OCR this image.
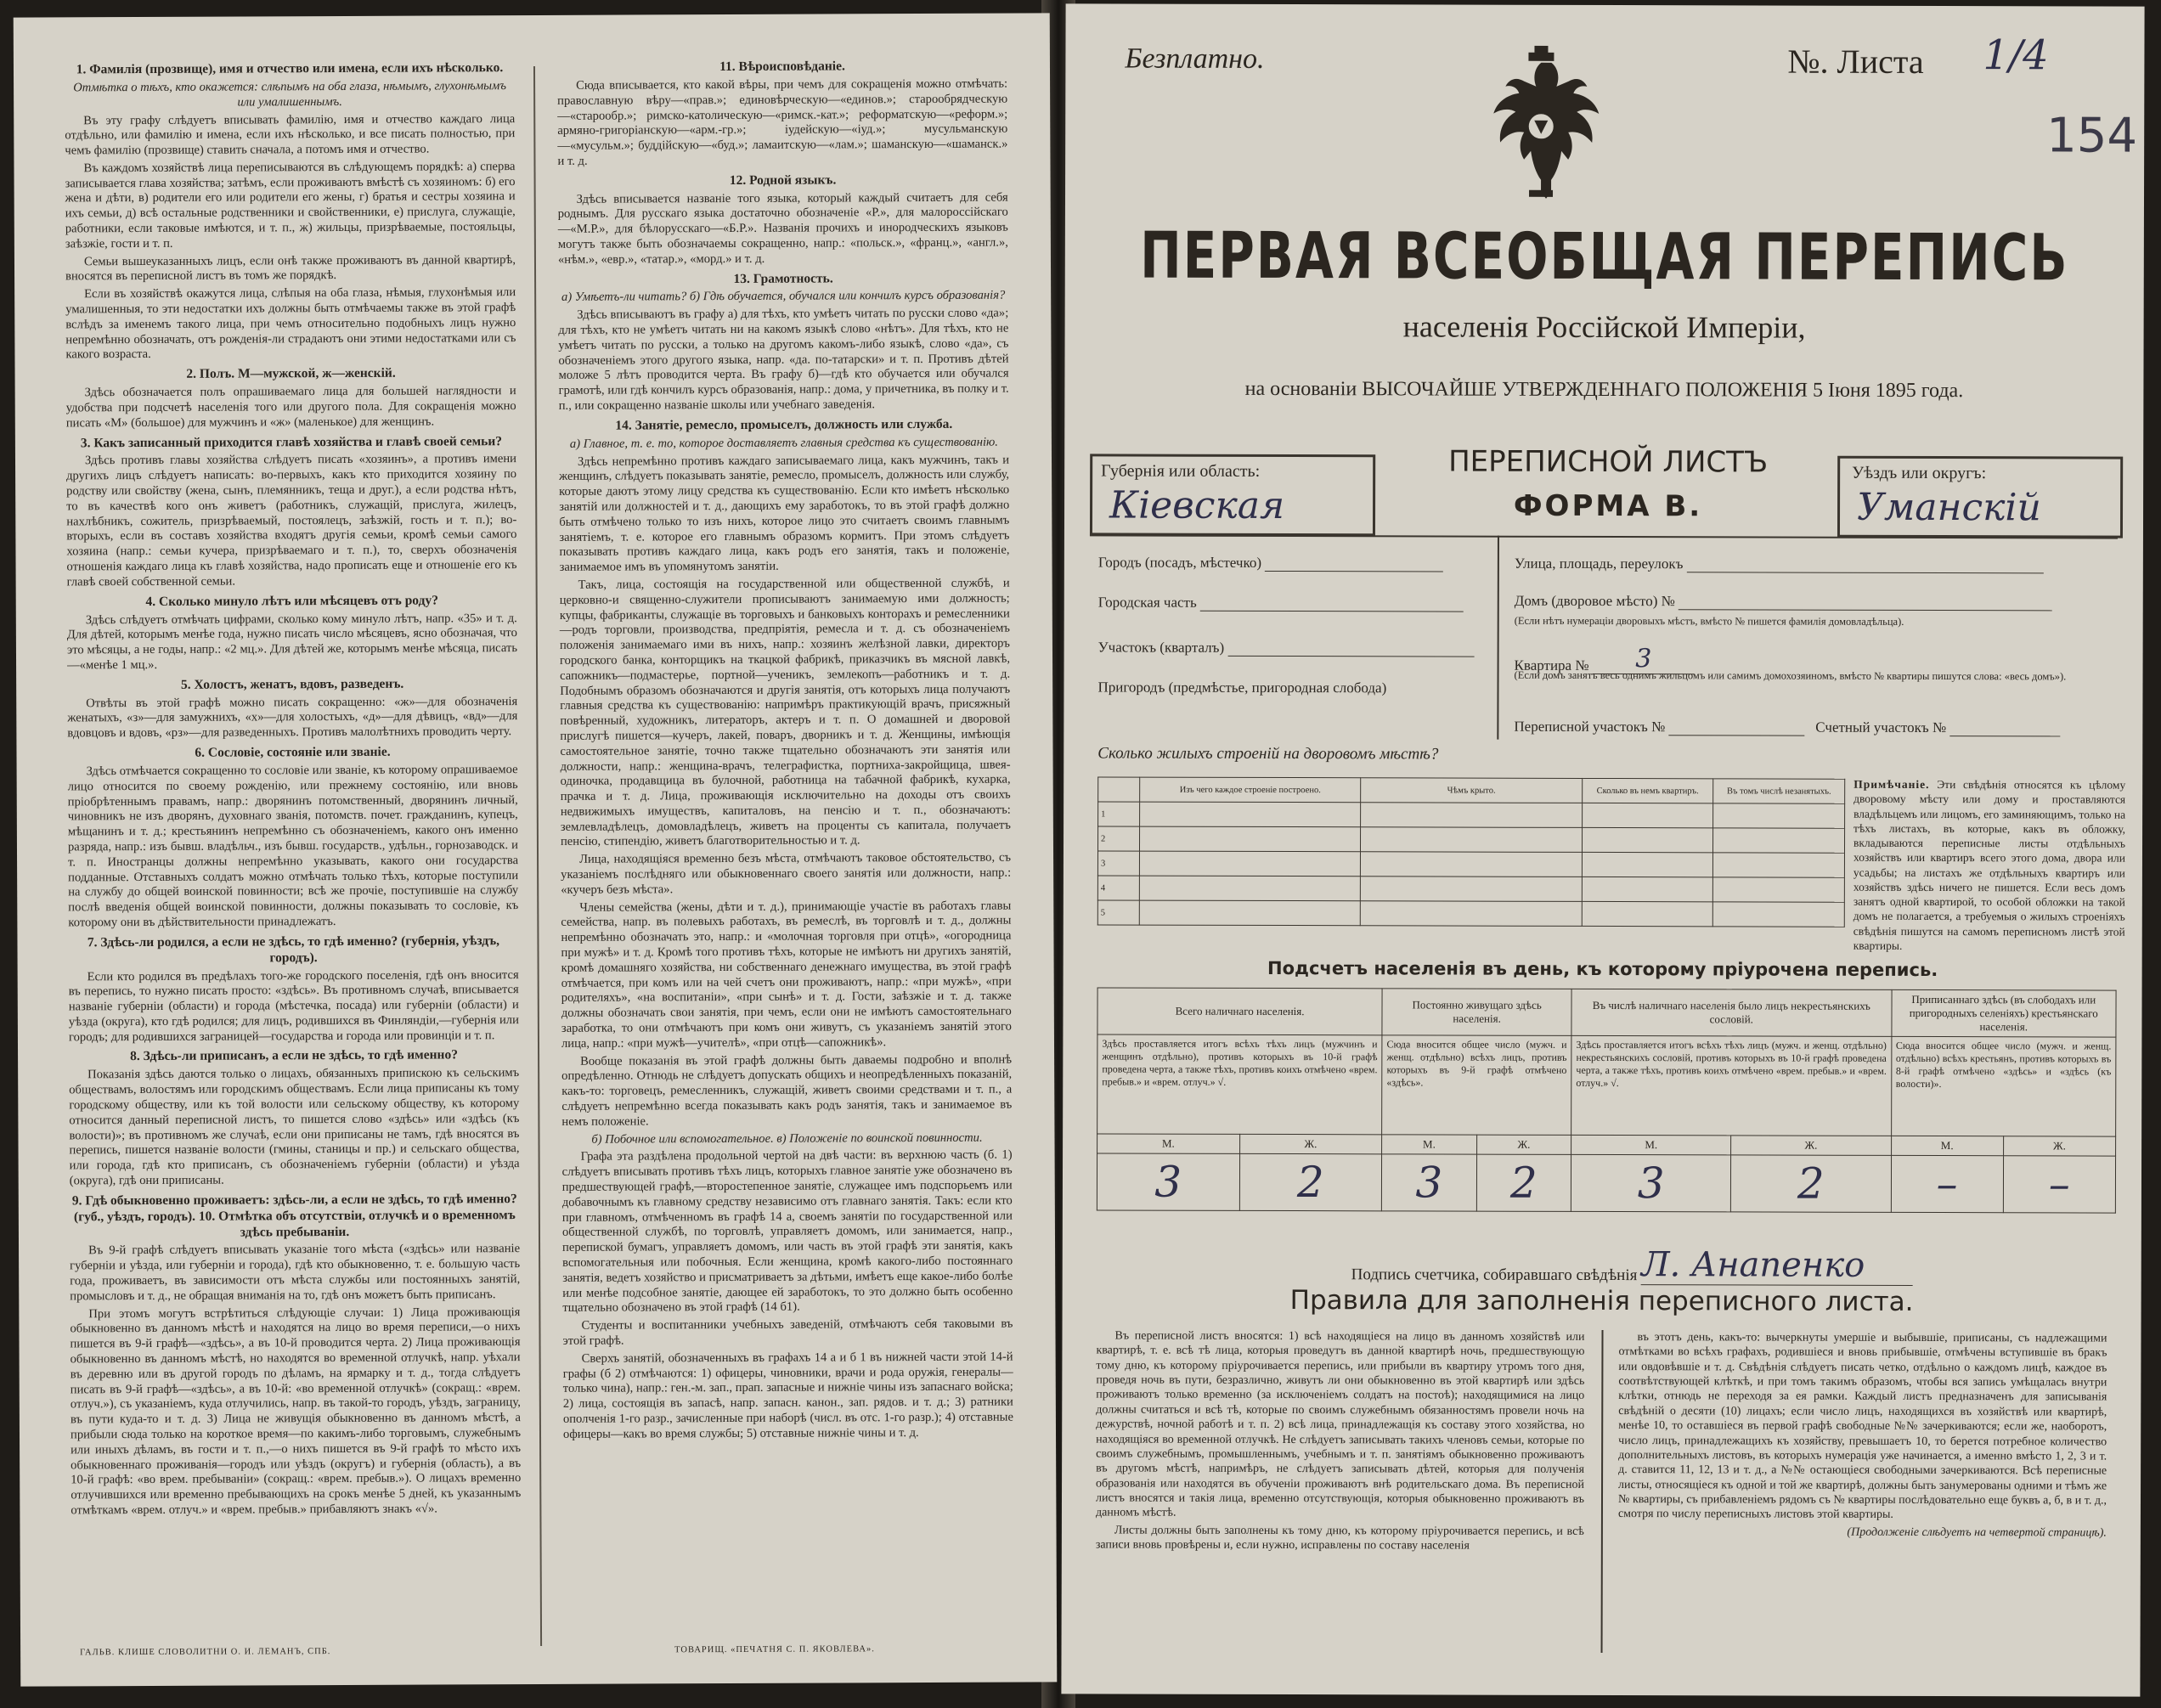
1. Фамилія (прозвище), имя и отчество или имена, если ихъ нѣсколько.

Отмѣтка о тѣхъ, кто окажется: слѣпымъ на оба глаза, нѣмымъ, глухонѣмымъ или умалишеннымъ.

Въ эту графу слѣдуетъ вписывать фамилію, имя и отчество каждаго лица отдѣльно, или фамилію и имена, если ихъ нѣсколько, и все писать полностью, при чемъ фамилію (прозвище) ставить сначала, а потомъ имя и отчество.

Въ каждомъ хозяйствѣ лица переписываются въ слѣдующемъ порядкѣ: а) сперва записывается глава хозяйства; затѣмъ, если проживаютъ вмѣстѣ съ хозяиномъ: б) его жена и дѣти, в) родители его или родители его жены, г) братья и сестры хозяина и ихъ семьи, д) всѣ остальные родственники и свойственники, е) прислуга, служащіе, работники, если таковые имѣются, и т. п., ж) жильцы, призрѣваемые, постояльцы, заѣзжіе, гости и т. п.

Семьи вышеуказанныхъ лицъ, если онѣ также проживаютъ въ данной квартирѣ, вносятся въ переписной листъ въ томъ же порядкѣ.

Если въ хозяйствѣ окажутся лица, слѣпыя на оба глаза, нѣмыя, глухонѣмыя или умалишенныя, то эти недостатки ихъ должны быть отмѣчаемы также въ этой графѣ вслѣдъ за именемъ такого лица, при чемъ относительно подобныхъ лицъ нужно непремѣнно обозначать, отъ рожденія-ли страдаютъ они этими недостатками или съ какого возраста.

2. Полъ. М—мужской, ж—женскій.

Здѣсь обозначается полъ опрашиваемаго лица для большей наглядности и удобства при подсчетѣ населенія того или другого пола. Для сокращенія можно писать «М» (большое) для мужчинъ и «ж» (маленькое) для женщинъ.

3. Какъ записанный приходится главѣ хозяйства и главѣ своей семьи?

Здѣсь противъ главы хозяйства слѣдуетъ писать «хозяинъ», а противъ имени другихъ лицъ слѣдуетъ написать: во-первыхъ, какъ кто приходится хозяину по родству или свойству (жена, сынъ, племянникъ, теща и друг.), а если родства нѣтъ, то въ качествѣ кого онъ живетъ (работникъ, служащій, прислуга, жилецъ, нахлѣбникъ, сожитель, призрѣваемый, постоялецъ, заѣзжій, гость и т. п.); во-вторыхъ, если въ составъ хозяйства входятъ другія семьи, кромѣ семьи самого хозяина (напр.: семьи кучера, призрѣваемаго и т. п.), то, сверхъ обозначенія отношенія каждаго лица къ главѣ хозяйства, надо прописать еще и отношеніе его къ главѣ своей собственной семьи.

4. Сколько минуло лѣтъ или мѣсяцевъ отъ роду?

Здѣсь слѣдуетъ отмѣчать цифрами, сколько кому минуло лѣтъ, напр. «35» и т. д. Для дѣтей, которымъ менѣе года, нужно писать число мѣсяцевъ, ясно обозначая, что это мѣсяцы, а не годы, напр.: «2 мц.». Для дѣтей же, которымъ менѣе мѣсяца, писать—«менѣе 1 мц.».

5. Холостъ, женатъ, вдовъ, разведенъ.

Отвѣты въ этой графѣ можно писать сокращенно: «ж»—для обозначенія женатыхъ, «з»—для замужнихъ, «х»—для холостыхъ, «д»—для дѣвицъ, «вд»—для вдовцовъ и вдовъ, «рз»—для разведенныхъ. Противъ малолѣтнихъ проводить черту.

6. Сословіе, состояніе или званіе.

Здѣсь отмѣчается сокращенно то сословіе или званіе, къ которому опрашиваемое лицо относится по своему рожденію, или прежнему состоянію, или вновь пріобрѣтеннымъ правамъ, напр.: дворянинъ потомственный, дворянинъ личный, чиновникъ не изъ дворянъ, духовнаго званія, потомств. почет. гражданинъ, купецъ, мѣщанинъ и т. д.; крестьянинъ непремѣнно съ обозначеніемъ, какого онъ именно разряда, напр.: изъ бывш. владѣльч., изъ бывш. государств., удѣльн., горнозаводск. и т. п. Иностранцы должны непремѣнно указывать, какого они государства подданные. Отставныхъ солдатъ можно отмѣчать только тѣхъ, которые поступили на службу до общей воинской повинности; всѣ же прочіе, поступившіе на службу послѣ введенія общей воинской повинности, должны показывать то сословіе, къ которому они въ дѣйствительности принадлежатъ.

7. Здѣсь-ли родился, а если не здѣсь, то гдѣ именно? (губернія, уѣздъ, городъ).

Если кто родился въ предѣлахъ того-же городского поселенія, гдѣ онъ вносится въ перепись, то нужно писать просто: «здѣсь». Въ противномъ случаѣ, вписывается названіе губерніи (области) и города (мѣстечка, посада) или губерніи (области) и уѣзда (округа), кто гдѣ родился; для лицъ, родившихся въ Финляндіи,—губернія или городъ; для родившихся заграницей—государства и города или провинціи и т. п.

8. Здѣсь-ли приписанъ, а если не здѣсь, то гдѣ именно?

Показанія здѣсь даются только о лицахъ, обязанныхъ припискою къ сельскимъ обществамъ, волостямъ или городскимъ обществамъ. Если лица приписаны къ тому городскому обществу, или къ той волости или сельскому обществу, къ которому относится данный переписной листъ, то пишется слово «здѣсь» или «здѣсь (къ волости)»; въ противномъ же случаѣ, если они приписаны не тамъ, гдѣ вносятся въ перепись, пишется названіе волости (гмины, станицы и пр.) и сельскаго общества, или города, гдѣ кто приписанъ, съ обозначеніемъ губерніи (области) и уѣзда (округа), гдѣ они приписаны.

9. Гдѣ обыкновенно проживаетъ: здѣсь-ли, а если не здѣсь, то гдѣ именно? (губ., уѣздъ, городъ). 10. Отмѣтка объ отсутствіи, отлучкѣ и о временномъ здѣсь пребываніи.

Въ 9-й графѣ слѣдуетъ вписывать указаніе того мѣста («здѣсь» или названіе губерніи и уѣзда, или губерніи и города), гдѣ кто обыкновенно, т. е. большую часть года, проживаетъ, въ зависимости отъ мѣста службы или постоянныхъ занятій, промысловъ и т. д., не обращая вниманія на то, гдѣ онъ можетъ быть приписанъ.

При этомъ могутъ встрѣтиться слѣдующіе случаи: 1) Лица проживающія обыкновенно въ данномъ мѣстѣ и находятся на лицо во время переписи,—о нихъ пишется въ 9-й графѣ—«здѣсь», а въ 10-й проводится черта. 2) Лица проживающія обыкновенно въ данномъ мѣстѣ, но находятся во временной отлучкѣ, напр. уѣхали въ деревню или въ другой городъ по дѣламъ, на ярмарку и т. д., тогда слѣдуетъ писать въ 9-й графѣ—«здѣсь», а въ 10-й: «во временной отлучкѣ» (сокращ.: «врем. отлуч.»), съ указаніемъ, куда отлучились, напр. въ такой-то городъ, уѣздъ, заграницу, въ пути куда-то и т. д. 3) Лица не живущія обыкновенно въ данномъ мѣстѣ, а прибыли сюда только на короткое время—по какимъ-либо торговымъ, служебнымъ или иныхъ дѣламъ, въ гости и т. п.,—о нихъ пишется въ 9-й графѣ то мѣсто ихъ обыкновеннаго проживанія—городъ или уѣздъ (округъ) и губернія (область), а въ 10-й графѣ: «во врем. пребываніи» (сокращ.: «врем. пребыв.»). О лицахъ временно отлучившихся или временно пребывающихъ на срокъ менѣе 5 дней, къ указаннымъ отмѣткамъ «врем. отлуч.» и «врем. пребыв.» прибавляютъ знакъ «√».

11. Вѣроисповѣданіе.

Сюда вписывается, кто какой вѣры, при чемъ для сокращенія можно отмѣчать: православную вѣру—«прав.»; единовѣрческую—«единов.»; старообрядческую—«старообр.»; римско-католическую—«римск.-кат.»; реформатскую—«реформ.»; армяно-григоріанскую—«арм.-гр.»; іудейскую—«іуд.»; мусульманскую—«мусульм.»; буддійскую—«буд.»; ламаитскую—«лам.»; шаманскую—«шаманск.» и т. д.

12. Родной языкъ.

Здѣсь вписывается названіе того языка, который каждый считаетъ для себя роднымъ. Для русскаго языка достаточно обозначеніе «Р.», для малороссійскаго—«М.Р.», для бѣлорусскаго—«Б.Р.». Названія прочихъ и инородческихъ языковъ могутъ также быть обозначаемы сокращенно, напр.: «польск.», «франц.», «англ.», «нѣм.», «евр.», «татар.», «морд.» и т. д.

13. Грамотность.

а) Умѣетъ-ли читать? б) Гдѣ обучается, обучался или кончилъ курсъ образованія?

Здѣсь вписываютъ въ графу а) для тѣхъ, кто умѣетъ читать по русски слово «да»; для тѣхъ, кто не умѣетъ читать ни на какомъ языкѣ слово «нѣтъ». Для тѣхъ, кто не умѣетъ читать по русски, а только на другомъ какомъ-либо языкѣ, слово «да», съ обозначеніемъ этого другого языка, напр. «да. по-татарски» и т. п. Противъ дѣтей моложе 5 лѣтъ проводится черта. Въ графу б)—гдѣ кто обучается или обучался грамотѣ, или гдѣ кончилъ курсъ образованія, напр.: дома, у причетника, въ полку и т. п., или сокращенно названіе школы или учебнаго заведенія.

14. Занятіе, ремесло, промыселъ, должность или служба.

а) Главное, т. е. то, которое доставляетъ главныя средства къ существованію.

Здѣсь непремѣнно противъ каждаго записываемаго лица, какъ мужчинъ, такъ и женщинъ, слѣдуетъ показывать занятіе, ремесло, промыселъ, должность или службу, которые даютъ этому лицу средства къ существованію. Если кто имѣетъ нѣсколько занятій или должностей и т. д., дающихъ ему заработокъ, то въ этой графѣ должно быть отмѣчено только то изъ нихъ, которое лицо это считаетъ своимъ главнымъ занятіемъ, т. е. которое его главнымъ образомъ кормитъ. При этомъ слѣдуетъ показывать противъ каждаго лица, какъ родъ его занятія, такъ и положеніе, занимаемое имъ въ упомянутомъ занятіи.

Такъ, лица, состоящія на государственной или общественной службѣ, и церковно-и священно-служители прописываютъ занимаемую ими должность; купцы, фабриканты, служащіе въ торговыхъ и банковыхъ конторахъ и ремесленники—родъ торговли, производства, предпріятія, ремесла и т. д. съ обозначеніемъ положенія занимаемаго ими въ нихъ, напр.: хозяинъ желѣзной лавки, директоръ городского банка, конторщикъ на ткацкой фабрикѣ, приказчикъ въ мясной лавкѣ, сапожникъ—подмастерье, портной—ученикъ, землекопъ—работникъ и т. д. Подобнымъ образомъ обозначаются и другія занятія, отъ которыхъ лица получаютъ главныя средства къ существованію: напримѣръ практикующій врачъ, присяжный повѣренный, художникъ, литераторъ, актеръ и т. п. О домашней и дворовой прислугѣ пишется—кучеръ, лакей, поваръ, дворникъ и т. д. Женщины, имѣющія самостоятельное занятіе, точно также тщательно обозначаютъ эти занятія или должности, напр.: женщина-врачъ, телеграфистка, портниха-закройщица, швея-одиночка, продавщица въ булочной, работница на табачной фабрикѣ, кухарка, прачка и т. д. Лица, проживающія исключительно на доходы отъ своихъ недвижимыхъ имуществъ, капиталовъ, на пенсію и т. п., обозначаютъ: землевладѣлецъ, домовладѣлецъ, живетъ на проценты съ капитала, получаетъ пенсію, стипендію, живетъ благотворительностью и т. д.

Лица, находящіяся временно безъ мѣста, отмѣчаютъ таковое обстоятельство, съ указаніемъ послѣдняго или обыкновеннаго своего занятія или должности, напр.: «кучеръ безъ мѣста».

Члены семейства (жены, дѣти и т. д.), принимающіе участіе въ работахъ главы семейства, напр. въ полевыхъ работахъ, въ ремеслѣ, въ торговлѣ и т. д., должны непремѣнно обозначать это, напр.: и «молочная торговля при отцѣ», «огородница при мужѣ» и т. д. Кромѣ того противъ тѣхъ, которые не имѣютъ ни другихъ занятій, кромѣ домашняго хозяйства, ни собственнаго денежнаго имущества, въ этой графѣ отмѣчается, при комъ или на чей счетъ они проживаютъ, напр.: «при мужѣ», «при родителяхъ», «на воспитаніи», «при сынѣ» и т. д. Гости, заѣзжіе и т. д. также должны обозначать свои занятія, при чемъ, если они не имѣютъ самостоятельнаго заработка, то они отмѣчаютъ при комъ они живутъ, съ указаніемъ занятій этого лица, напр.: «при мужѣ—учителѣ», «при отцѣ—сапожникѣ».

Вообще показанія въ этой графѣ должны быть даваемы подробно и вполнѣ опредѣленно. Отнюдь не слѣдуетъ допускать общихъ и неопредѣленныхъ показаній, какъ-то: торговецъ, ремесленникъ, служащій, живетъ своими средствами и т. п., а слѣдуетъ непремѣнно всегда показывать какъ родъ занятія, такъ и занимаемое въ немъ положеніе.

б) Побочное или вспомогательное. в) Положеніе по воинской повинности.

Графа эта раздѣлена продольной чертой на двѣ части: въ верхнюю часть (б. 1) слѣдуетъ вписывать противъ тѣхъ лицъ, которыхъ главное занятіе уже обозначено въ предшествующей графѣ,—второстепенное занятіе, служащее имъ подспорьемъ или добавочнымъ къ главному средству независимо отъ главнаго занятія. Такъ: если кто при главномъ, отмѣченномъ въ графѣ 14 а, своемъ занятіи по государственной или общественной службѣ, по торговлѣ, управляетъ домомъ, или занимается, напр., перепиской бумагъ, управляетъ домомъ, или часть въ этой графѣ эти занятія, какъ вспомогательныя или побочныя. Если женщина, кромѣ какого-либо постояннаго занятія, ведетъ хозяйство и присматриваетъ за дѣтьми, имѣетъ еще какое-либо болѣе или менѣе подсобное занятіе, дающее ей заработокъ, то это должно быть особенно тщательно обозначено въ этой графѣ (14 б1).

Студенты и воспитанники учебныхъ заведеній, отмѣчаютъ себя таковыми въ этой графѣ.

Сверхъ занятій, обозначенныхъ въ графахъ 14 а и б 1 въ нижней части этой 14-й графы (б 2) отмѣчаются: 1) офицеры, чиновники, врачи и рода оружія, генералы—только чина), напр.: ген.-м. зап., прап. запасные и нижніе чины изъ запаснаго войска; 2) лица, состоящія въ запасѣ, напр. запасн. канон., зап. рядов. и т. д.; 3) ратники ополченія 1-го разр., зачисленные при наборѣ (числ. въ отс. 1-го разр.); 4) отставные офицеры—какъ во время службы; 5) отставные нижніе чины и т. д.

ГАЛЬВ. КЛИШЕ СЛОВОЛИТНИ О. И. ЛЕМАНЪ, СПБ.	ТОВАРИЩ. «ПЕЧАТНЯ С. П. ЯКОВЛЕВА».
Безплатно.	№. Листа 1/4
154
ПЕРВАЯ ВСЕОБЩАЯ ПЕРЕПИСЬ
населенія Россійской Имперіи,
на основаніи ВЫСОЧАЙШЕ УТВЕРЖДЕННАГО ПОЛОЖЕНІЯ 5 Іюня 1895 года.
Губернія или область:
Кіевская
ПЕРЕПИСНОЙ ЛИСТЪ
ФОРМА В.
Уѣздъ или округъ:
Уманскій
Городъ (посадъ, мѣстечко)
Городская часть
Участокъ (кварталъ)
Пригородъ (предмѣстье, пригородная слобода)
Улица, площадь, переулокъ
Домъ (дворовое мѣсто) №
(Если нѣтъ нумераціи дворовыхъ мѣстъ, вмѣсто № пишется фамилія домовладѣльца).
Квартира № 3
(Если домъ занятъ весь однимъ жильцомъ или самимъ домохозяиномъ, вмѣсто № квартиры пишутся слова: «весь домъ»).
Переписной участокъ №	Счетный участокъ №
Сколько жилыхъ строеній на дворовомъ мѣстѣ?
	Изъ чего каждое строеніе построено.	Чѣмъ крыто.	Сколько въ немъ квартиръ.	Въ томъ числѣ незанятыхъ.
1				
2				
3				
4				
5				
Примѣчаніе. Эти свѣдѣнія относятся къ цѣлому дворовому мѣсту или дому и проставляются владѣльцемъ или лицомъ, его заминяющимъ, только на тѣхъ листахъ, въ которые, какъ въ обложку, вкладываются переписные листы отдѣльныхъ хозяйствъ или квартиръ всего этого дома, двора или усадьбы; на листахъ же отдѣльныхъ квартиръ или хозяйствъ здѣсь ничего не пишется. Если весь домъ занятъ одной квартирой, то особой обложки на такой домъ не полагается, а требуемыя о жилыхъ строеніяхъ свѣдѣнія пишутся на самомъ переписномъ листѣ этой квартиры.
Подсчетъ населенія въ день, къ которому пріурочена перепись.
Всего наличнаго населенія.		Постоянно живущаго здѣсь населенія.		Въ числѣ наличнаго населенія было лицъ некрестьянскихъ сословій.		Приписаннаго здѣсь (въ слободахъ или пригородныхъ селеніяхъ) крестьянскаго населенія.	
Здѣсь проставляется итогъ всѣхъ тѣхъ лицъ (мужчинъ и женщинъ отдѣльно), противъ которыхъ въ 10-й графѣ проведена черта, а также тѣхъ, противъ коихъ отмѣчено «врем. пребыв.» и «врем. отлуч.» √.		Сюда вносится общее число (мужч. и женщ. отдѣльно) всѣхъ лицъ, противъ которыхъ въ 9-й графѣ отмѣчено «здѣсь».		Здѣсь проставляется итогъ всѣхъ тѣхъ лицъ (мужч. и женщ. отдѣльно) некрестьянскихъ сословій, противъ которыхъ въ 10-й графѣ проведена черта, а также тѣхъ, противъ коихъ отмѣчено «врем. пребыв.» и «врем. отлуч.» √.		Сюда вносится общее число (мужч. и женщ. отдѣльно) всѣхъ крестьянъ, противъ которыхъ въ 8-й графѣ отмѣчено «здѣсь» и «здѣсь (къ волости)».	
М.	Ж.	М.	Ж.	М.	Ж.	М.	Ж.
3	2	3	2	3	2	–	–
Подпись счетчика, собиравшаго свѣдѣнія Л. Анапенко
Правила для заполненія переписного листа.

Въ переписной листъ вносятся: 1) всѣ находящіеся на лицо въ данномъ хозяйствѣ или квартирѣ, т. е. всѣ тѣ лица, которыя проведутъ въ данной квартирѣ ночь, предшествующую тому дню, къ которому пріурочивается перепись, или прибыли въ квартиру утромъ того дня, проведя ночь въ пути, безразлично, живутъ ли они обыкновенно въ этой квартирѣ или здѣсь проживаютъ только временно (за исключеніемъ солдатъ на постоѣ); находящимися на лицо должны считаться и всѣ тѣ, которые по своимъ служебнымъ обязанностямъ провели ночь на дежурствѣ, ночной работѣ и т. п. 2) всѣ лица, принадлежащія къ составу этого хозяйства, но находящіяся во временной отлучкѣ. Не слѣдуетъ записывать такихъ членовъ семьи, которые по своимъ служебнымъ, промышленнымъ, учебнымъ и т. п. занятіямъ обыкновенно проживаютъ въ другомъ мѣстѣ, напримѣръ, не слѣдуетъ записывать дѣтей, которыя для полученія образованія или находятся въ обученіи проживаютъ внѣ родительскаго дома. Въ переписной листъ вносятся и такія лица, временно отсутствующія, которыя обыкновенно проживаютъ въ данномъ мѣстѣ.

Листы должны быть заполнены къ тому дню, къ которому пріурочивается перепись, и всѣ записи вновь провѣрены и, если нужно, исправлены по составу населенія

въ этотъ день, какъ-то: вычеркнуты умершіе и выбывшіе, приписаны, съ надлежащими отмѣтками во всѣхъ графахъ, родившіеся и вновь прибывшіе, отмѣчены вступившіе въ бракъ или овдовѣвшіе и т. д. Свѣдѣнія слѣдуетъ писать четко, отдѣльно о каждомъ лицѣ, каждое въ соотвѣтствующей клѣткѣ, и при томъ такимъ образомъ, чтобы вся запись умѣщалась внутри клѣтки, отнюдь не переходя за ея рамки. Каждый листъ предназначенъ для записыванія свѣдѣній о десяти (10) лицахъ; если число лицъ, находящихся въ хозяйствѣ или квартирѣ, менѣе 10, то оставшіеся въ первой графѣ свободные №№ зачеркиваются; если же, наоборотъ, число лицъ, принадлежащихъ къ хозяйству, превышаетъ 10, то берется потребное количество дополнительныхъ листовъ, въ которыхъ нумерація уже начинается, а именно вмѣсто 1, 2, 3 и т. д. ставится 11, 12, 13 и т. д., а №№ остающіеся свободными зачеркиваются. Всѣ переписные листы, относящіеся къ одной и той же квартирѣ, должны быть занумерованы одними и тѣмъ же № квартиры, съ прибавленіемъ рядомъ съ № квартиры послѣдовательно еще буквъ а, б, в и т. д., смотря по числу переписныхъ листовъ этой квартиры.

(Продолженіе слѣдуетъ на четвертой страницѣ).
